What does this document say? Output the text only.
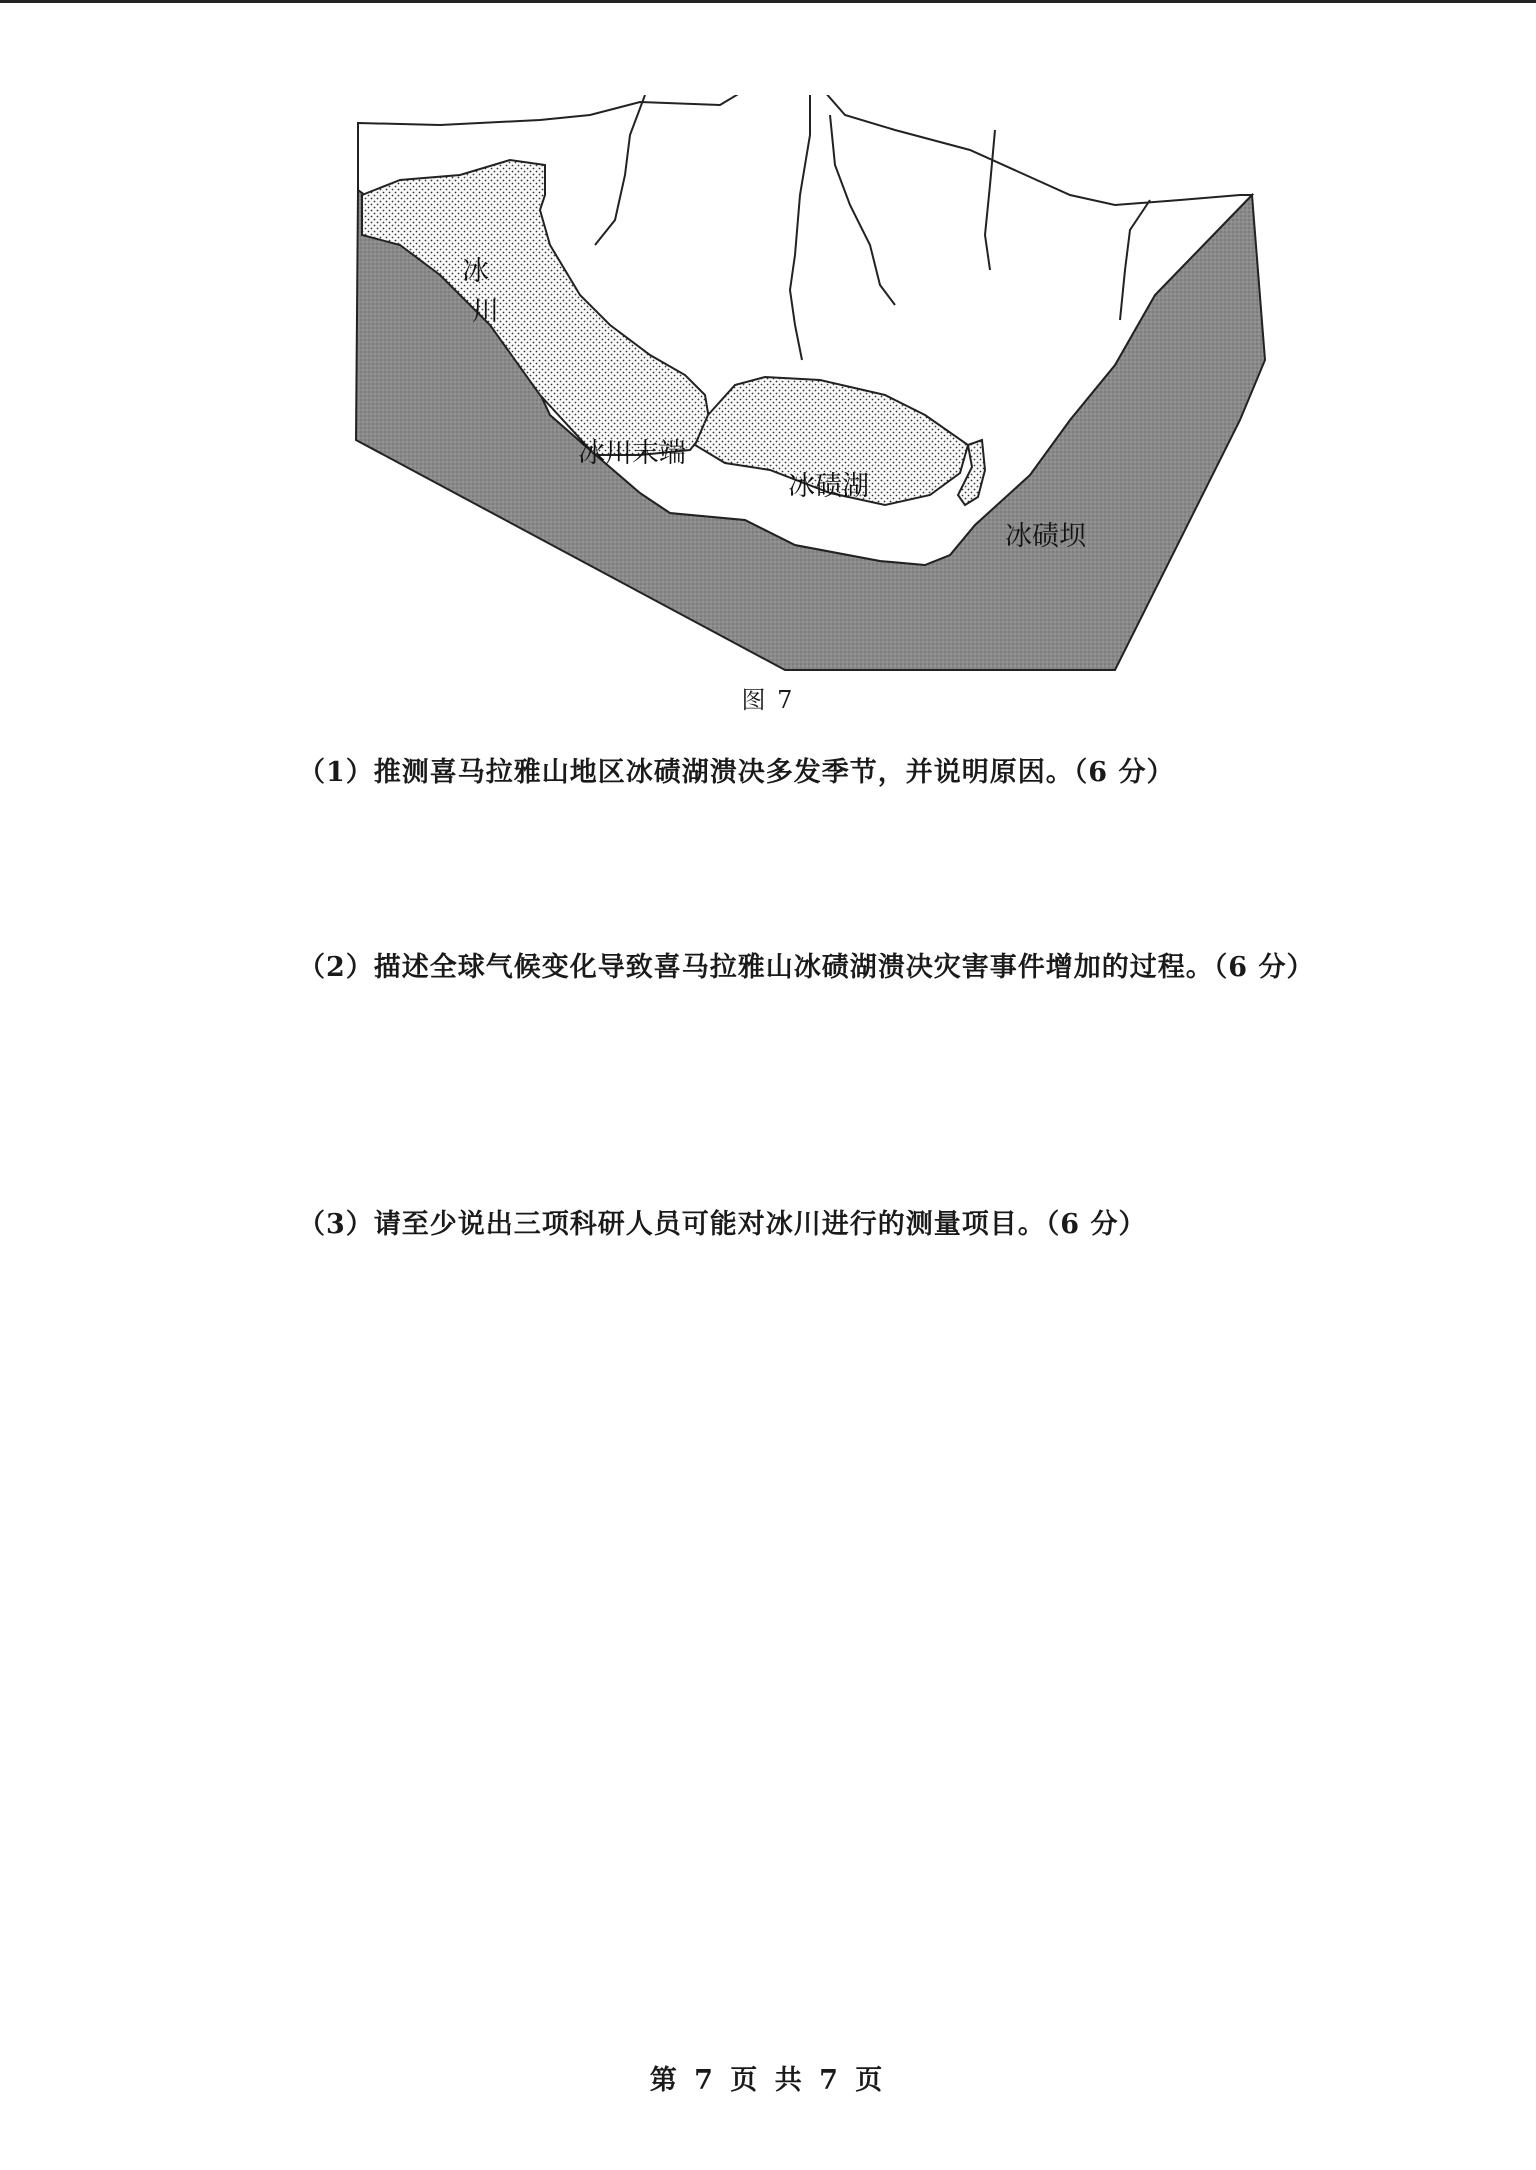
冰
川
冰川末端
冰碛湖
冰碛坝
图 7
（1）推测喜马拉雅山地区冰碛湖溃决多发季节，并说明原因。（6 分）
（2）描述全球气候变化导致喜马拉雅山冰碛湖溃决灾害事件增加的过程。（6 分）
（3）请至少说出三项科研人员可能对冰川进行的测量项目。（6 分）
第 7 页 共 7 页
